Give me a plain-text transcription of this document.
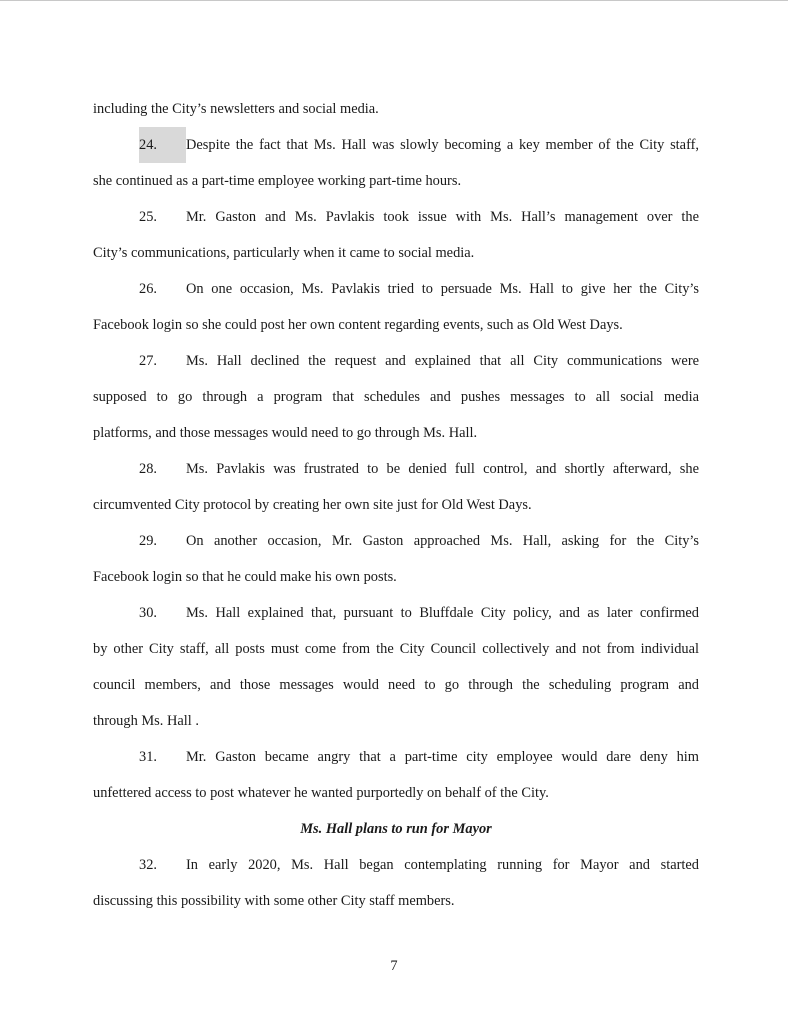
including the City’s newsletters and social media.
24. Despite the fact that Ms. Hall was slowly becoming a key member of the City staff,
she continued as a part-time employee working part-time hours.
25. Mr. Gaston and Ms. Pavlakis took issue with Ms. Hall’s management over the
City’s communications, particularly when it came to social media.
26. On one occasion, Ms. Pavlakis tried to persuade Ms. Hall to give her the City’s
Facebook login so she could post her own content regarding events, such as Old West Days.
27. Ms. Hall declined the request and explained that all City communications were
supposed to go through a program that schedules and pushes messages to all social media
platforms, and those messages would need to go through Ms. Hall.
28. Ms. Pavlakis was frustrated to be denied full control, and shortly afterward, she
circumvented City protocol by creating her own site just for Old West Days.
29. On another occasion, Mr. Gaston approached Ms. Hall, asking for the City’s
Facebook login so that he could make his own posts.
30. Ms. Hall explained that, pursuant to Bluffdale City policy, and as later confirmed
by other City staff, all posts must come from the City Council collectively and not from individual
council members, and those messages would need to go through the scheduling program and
through Ms. Hall .
31. Mr. Gaston became angry that a part-time city employee would dare deny him
unfettered access to post whatever he wanted purportedly on behalf of the City.
Ms. Hall plans to run for Mayor
32. In early 2020, Ms. Hall began contemplating running for Mayor and started
discussing this possibility with some other City staff members.
7
